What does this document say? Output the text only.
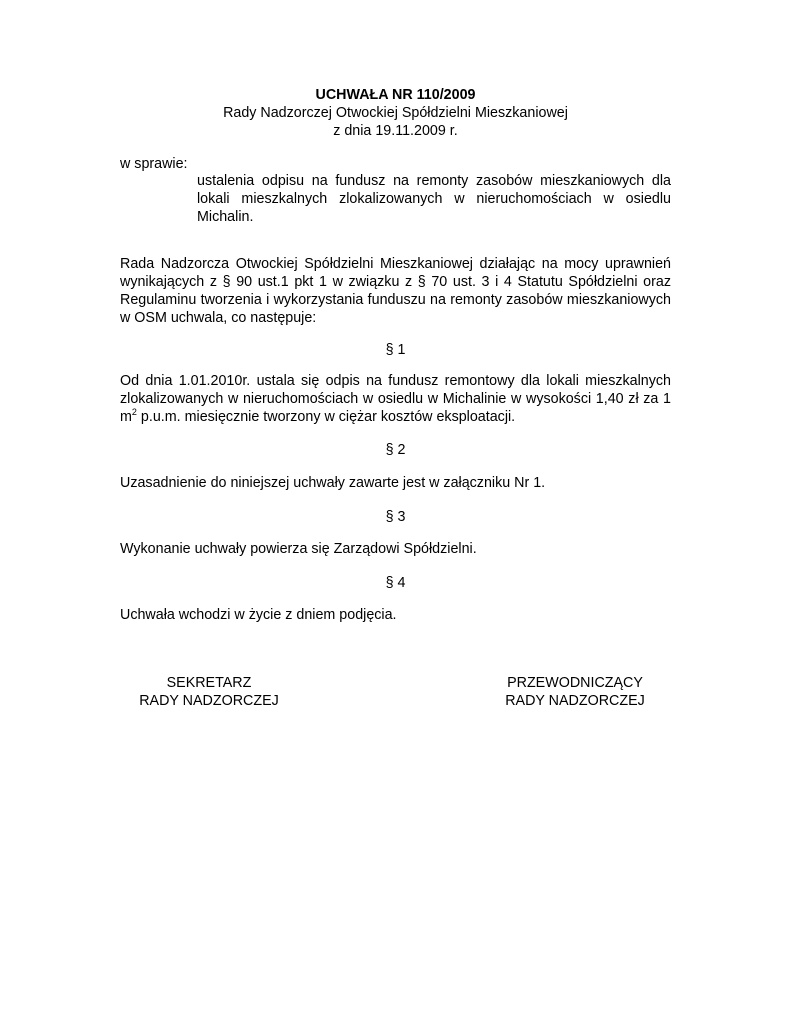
UCHWAŁA NR 110/2009
Rady Nadzorczej Otwockiej Spółdzielni Mieszkaniowej
z dnia 19.11.2009 r.
w sprawie:
ustalenia odpisu na fundusz na remonty zasobów mieszkaniowych dla lokali mieszkalnych zlokalizowanych w nieruchomościach w osiedlu Michalin.
Rada Nadzorcza Otwockiej Spółdzielni Mieszkaniowej działając na mocy uprawnień wynikających z § 90 ust.1 pkt 1 w związku z § 70 ust. 3 i 4 Statutu Spółdzielni oraz Regulaminu tworzenia i wykorzystania funduszu na remonty zasobów mieszkaniowych w OSM uchwala, co następuje:
§ 1
Od dnia 1.01.2010r. ustala się odpis na fundusz remontowy dla lokali mieszkalnych zlokalizowanych w nieruchomościach w osiedlu w Michalinie w wysokości 1,40 zł za 1 $m^2$ p.u.m. miesięcznie tworzony w ciężar kosztów eksploatacji.
§ 2
Uzasadnienie do niniejszej uchwały zawarte jest w załączniku Nr 1.
§ 3
Wykonanie uchwały powierza się Zarządowi Spółdzielni.
§ 4
Uchwała wchodzi w życie z dniem podjęcia.
SEKRETARZ
RADY NADZORCZEJ
PRZEWODNICZĄCY
RADY NADZORCZEJ
